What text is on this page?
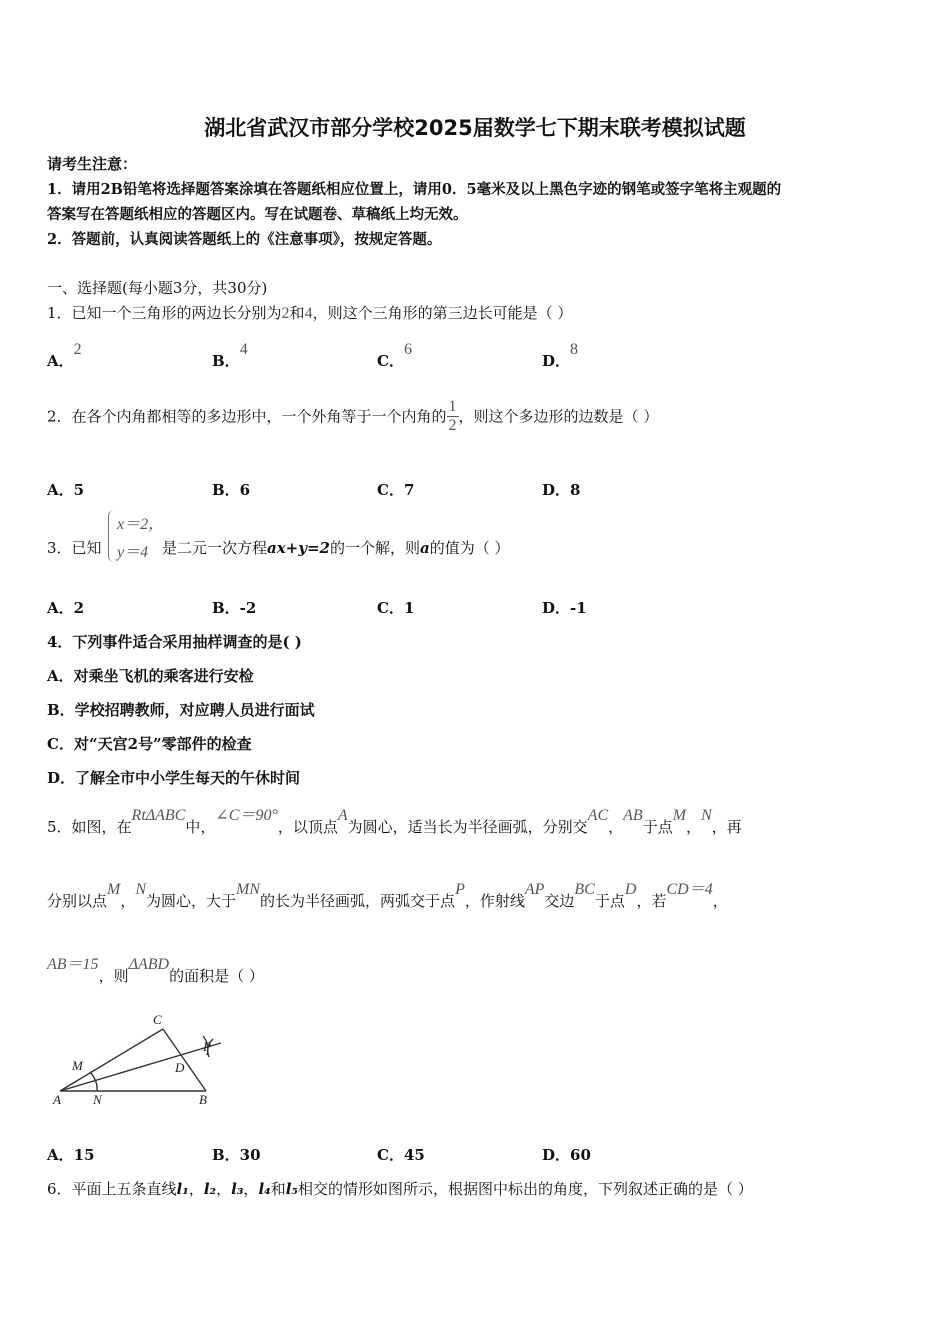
湖北省武汉市部分学校2025届数学七下期末联考模拟试题
请考生注意：
1．请用2B铅笔将选择题答案涂填在答题纸相应位置上，请用0．5毫米及以上黑色字迹的钢笔或签字笔将主观题的
答案写在答题纸相应的答题区内。写在试题卷、草稿纸上均无效。
2．答题前，认真阅读答题纸上的《注意事项》，按规定答题。
一、选择题(每小题3分，共30分)
1．已知一个三角形的两边长分别为2和4，则这个三角形的第三边长可能是（ ）
A．2
B．4
C．6
D．8
2．在各个内角都相等的多边形中，一个外角等于一个内角的 $\frac{1}{2}$ ，则这个多边形的边数是（ ）
A．5	B．6	C．7	D．8
3．已知
x＝2，
y＝4 是二元一次方程ax+y=2的一个解，则a的值为（ ）
A．2	B．-2	C．1	D．-1
4．下列事件适合采用抽样调查的是( )
A．对乘坐飞机的乘客进行安检
B．学校招聘教师，对应聘人员进行面试
C．对“天宫2号”零部件的检查
D．了解全市中小学生每天的午休时间
5．如图，在RtΔABC中，∠C＝90°，以顶点A为圆心，适当长为半径画弧，分别交AC，AB于点M，N，再
分别以点M，N为圆心，大于MN的长为半径画弧，两弧交于点P，作射线AP交边BC于点D，若CD＝4，
AB＝15，则ΔABD的面积是（ ）
C
A	B
D
M
N
P
A．15	B．30	C．45	D．60
6．平面上五条直线l₁，l₂，l₃，l₄和l₅相交的情形如图所示，根据图中标出的角度，下列叙述正确的是（ ）
